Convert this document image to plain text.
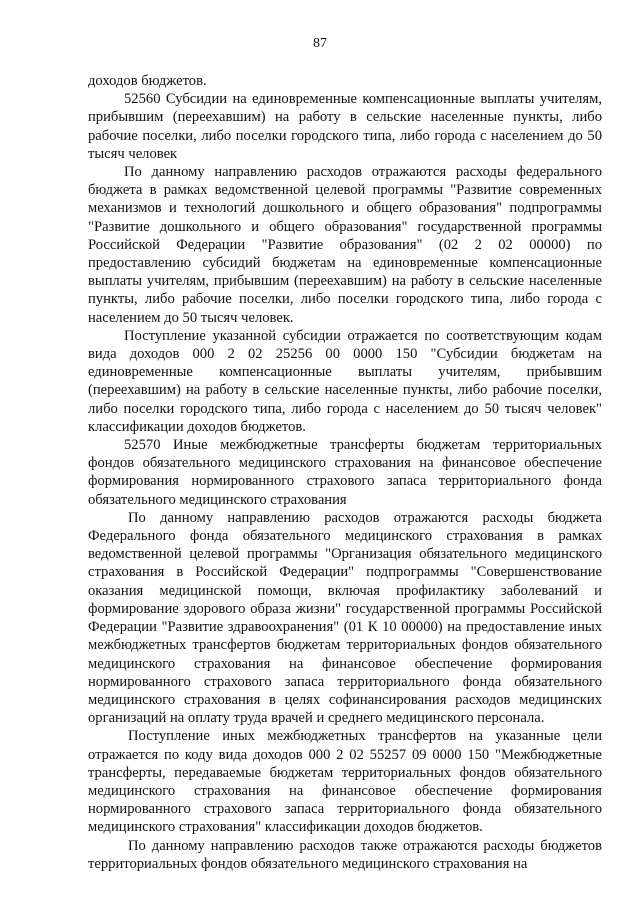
87

доходов бюджетов.

52560 Субсидии на единовременные компенсационные выплаты учителям, прибывшим (переехавшим) на работу в сельские населенные пункты, либо рабочие поселки, либо поселки городского типа, либо города с населением до 50 тысяч человек

По данному направлению расходов отражаются расходы федерального бюджета в рамках ведомственной целевой программы "Развитие современных механизмов и технологий дошкольного и общего образования" подпрограммы "Развитие дошкольного и общего образования" государственной программы Российской Федерации "Развитие образования" (02 2 02 00000) по предоставлению субсидий бюджетам на единовременные компенсационные выплаты учителям, прибывшим (переехавшим) на работу в сельские населенные пункты, либо рабочие поселки, либо поселки городского типа, либо города с населением до 50 тысяч человек.

Поступление указанной субсидии отражается по соответствующим кодам вида доходов 000 2 02 25256 00 0000 150 "Субсидии бюджетам на единовременные компенсационные выплаты учителям, прибывшим (переехавшим) на работу в сельские населенные пункты, либо рабочие поселки, либо поселки городского типа, либо города с населением до 50 тысяч человек" классификации доходов бюджетов.

52570 Иные межбюджетные трансферты бюджетам территориальных фондов обязательного медицинского страхования на финансовое обеспечение формирования нормированного страхового запаса территориального фонда обязательного медицинского страхования

По данному направлению расходов отражаются расходы бюджета Федерального фонда обязательного медицинского страхования в рамках ведомственной целевой программы "Организация обязательного медицинского страхования в Российской Федерации" подпрограммы "Совершенствование оказания медицинской помощи, включая профилактику заболеваний и формирование здорового образа жизни" государственной программы Российской Федерации "Развитие здравоохранения" (01 К 10 00000) на предоставление иных межбюджетных трансфертов бюджетам территориальных фондов обязательного медицинского страхования на финансовое обеспечение формирования нормированного страхового запаса территориального фонда обязательного медицинского страхования в целях софинансирования расходов медицинских организаций на оплату труда врачей и среднего медицинского персонала.

Поступление иных межбюджетных трансфертов на указанные цели отражается по коду вида доходов 000 2 02 55257 09 0000 150 "Межбюджетные трансферты, передаваемые бюджетам территориальных фондов обязательного медицинского страхования на финансовое обеспечение формирования нормированного страхового запаса территориального фонда обязательного медицинского страхования" классификации доходов бюджетов.

По данному направлению расходов также отражаются расходы бюджетов территориальных фондов обязательного медицинского страхования на
